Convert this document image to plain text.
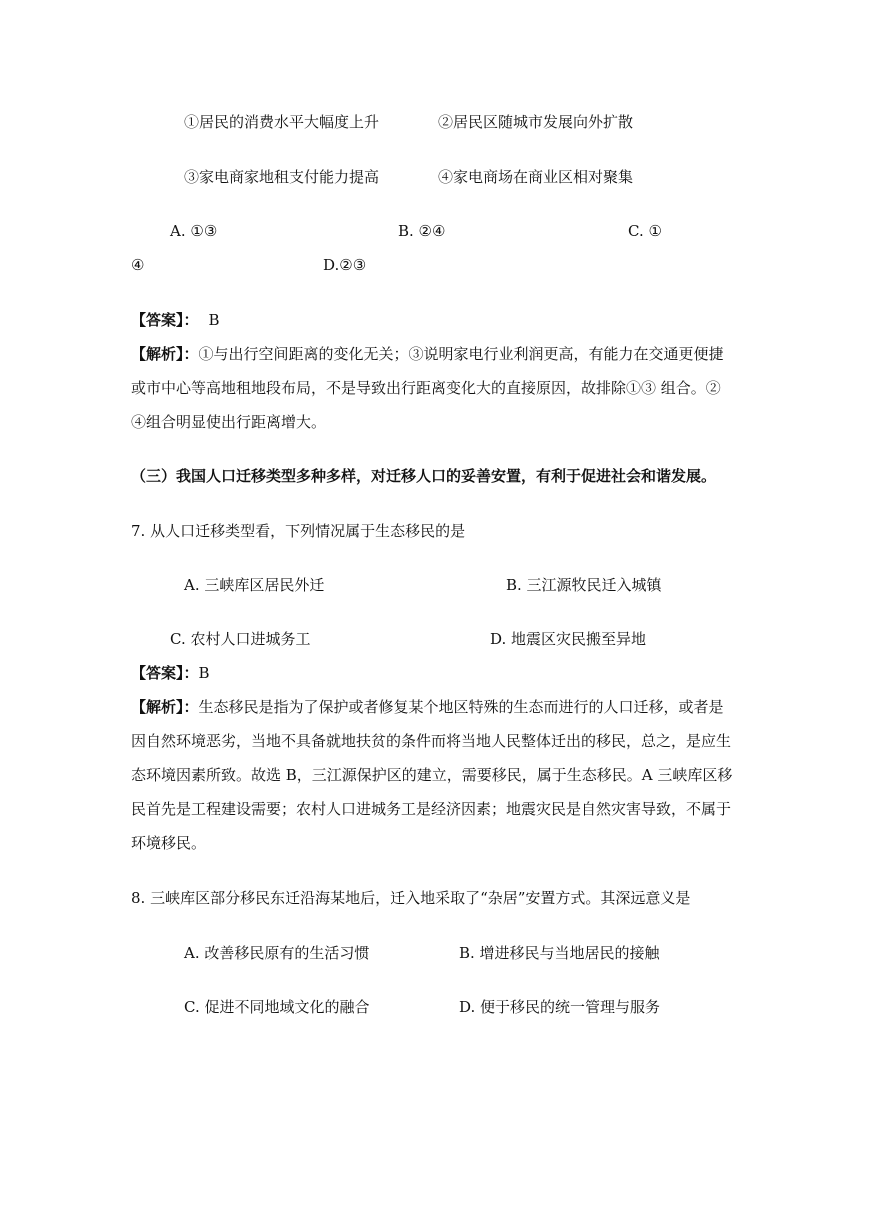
①居民的消费水平大幅度上升	②居民区随城市发展向外扩散
③家电商家地租支付能力提高	④家电商场在商业区相对聚集
A. ①③	B. ②④	C. ①
④	D.②③
【答案】： B
【解析】：①与出行空间距离的变化无关；③说明家电行业利润更高，有能力在交通更便捷
或市中心等高地租地段布局，不是导致出行距离变化大的直接原因，故排除①③ 组合。②
④组合明显使出行距离增大。
（三）我国人口迁移类型多种多样，对迁移人口的妥善安置，有利于促进社会和谐发展。
7. 从人口迁移类型看，下列情况属于生态移民的是
A. 三峡库区居民外迁	B. 三江源牧民迁入城镇
C. 农村人口进城务工	D. 地震区灾民搬至异地
【答案】：B
【解析】：生态移民是指为了保护或者修复某个地区特殊的生态而进行的人口迁移，或者是
因自然环境恶劣，当地不具备就地扶贫的条件而将当地人民整体迁出的移民，总之，是应生
态环境因素所致。故选 B，三江源保护区的建立，需要移民，属于生态移民。A 三峡库区移
民首先是工程建设需要；农村人口进城务工是经济因素；地震灾民是自然灾害导致，不属于
环境移民。
8. 三峡库区部分移民东迁沿海某地后，迁入地采取了“杂居”安置方式。其深远意义是
A. 改善移民原有的生活习惯	B. 增进移民与当地居民的接触
C. 促进不同地域文化的融合	D. 便于移民的统一管理与服务
